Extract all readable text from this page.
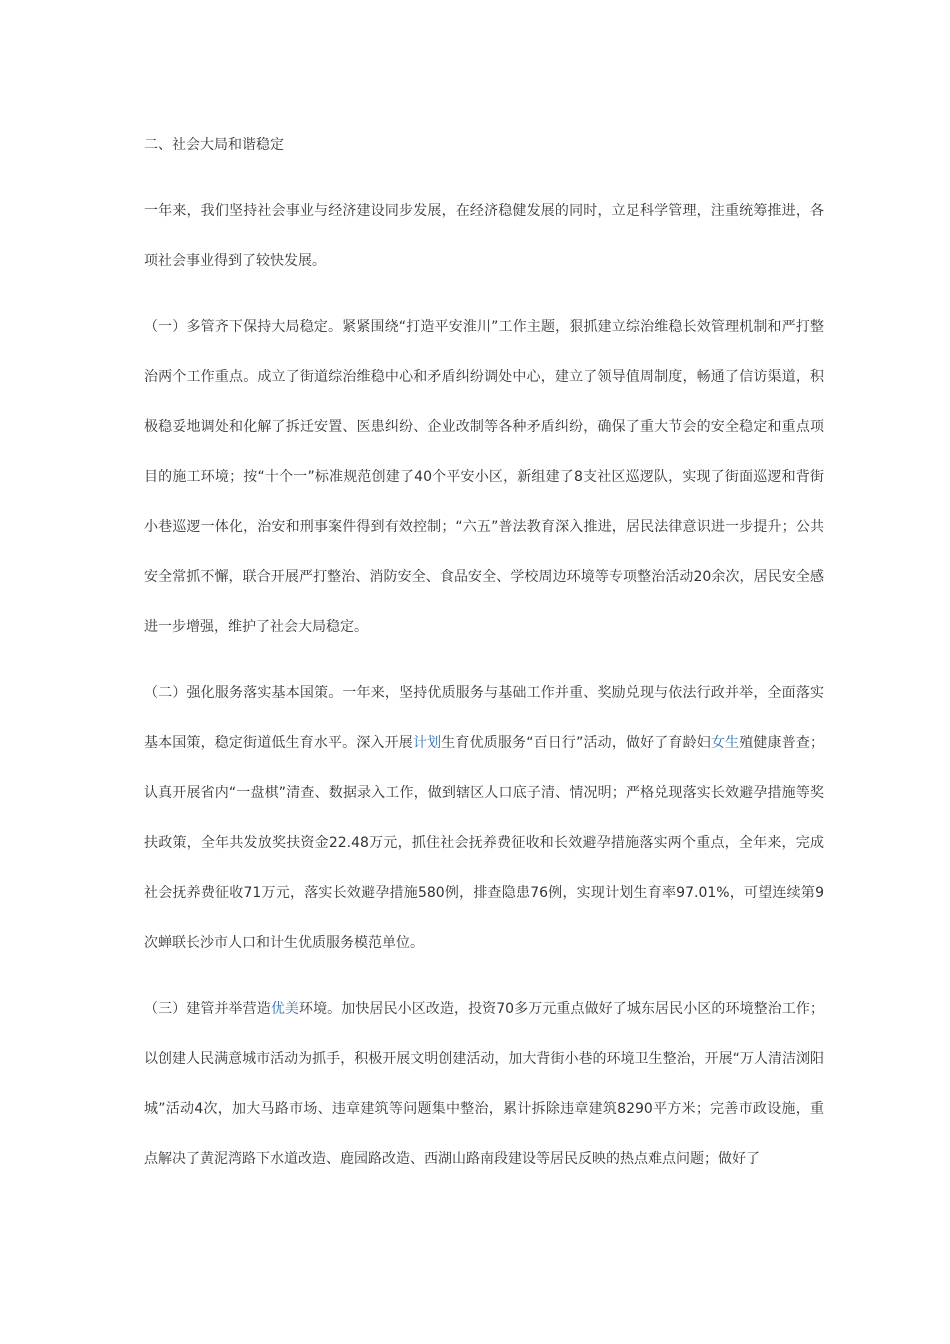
二、社会大局和谐稳定

一年来，我们坚持社会事业与经济建设同步发展，在经济稳健发展的同时，立足科学管理，注重统筹推进，各项社会事业得到了较快发展。

（一）多管齐下保持大局稳定。紧紧围绕“打造平安淮川”工作主题，狠抓建立综治维稳长效管理机制和严打整治两个工作重点。成立了街道综治维稳中心和矛盾纠纷调处中心，建立了领导值周制度，畅通了信访渠道，积极稳妥地调处和化解了拆迁安置、医患纠纷、企业改制等各种矛盾纠纷，确保了重大节会的安全稳定和重点项目的施工环境；按“十个一”标准规范创建了40个平安小区，新组建了8支社区巡逻队，实现了街面巡逻和背街小巷巡逻一体化，治安和刑事案件得到有效控制；“六五”普法教育深入推进，居民法律意识进一步提升；公共安全常抓不懈，联合开展严打整治、消防安全、食品安全、学校周边环境等专项整治活动20余次，居民安全感进一步增强，维护了社会大局稳定。

（二）强化服务落实基本国策。一年来，坚持优质服务与基础工作并重、奖励兑现与依法行政并举，全面落实基本国策，稳定街道低生育水平。深入开展计划生育优质服务“百日行”活动，做好了育龄妇女生殖健康普查；认真开展省内“一盘棋”清查、数据录入工作，做到辖区人口底子清、情况明；严格兑现落实长效避孕措施等奖扶政策，全年共发放奖扶资金22.48万元，抓住社会抚养费征收和长效避孕措施落实两个重点，全年来，完成社会抚养费征收71万元，落实长效避孕措施580例，排查隐患76例，实现计划生育率97.01%，可望连续第9次蝉联长沙市人口和计生优质服务模范单位。

（三）建管并举营造优美环境。加快居民小区改造，投资70多万元重点做好了城东居民小区的环境整治工作；以创建人民满意城市活动为抓手，积极开展文明创建活动，加大背街小巷的环境卫生整治，开展“万人清洁浏阳城”活动4次，加大马路市场、违章建筑等问题集中整治，累计拆除违章建筑8290平方米；完善市政设施，重点解决了黄泥湾路下水道改造、鹿园路改造、西湖山路南段建设等居民反映的热点难点问题；做好了
